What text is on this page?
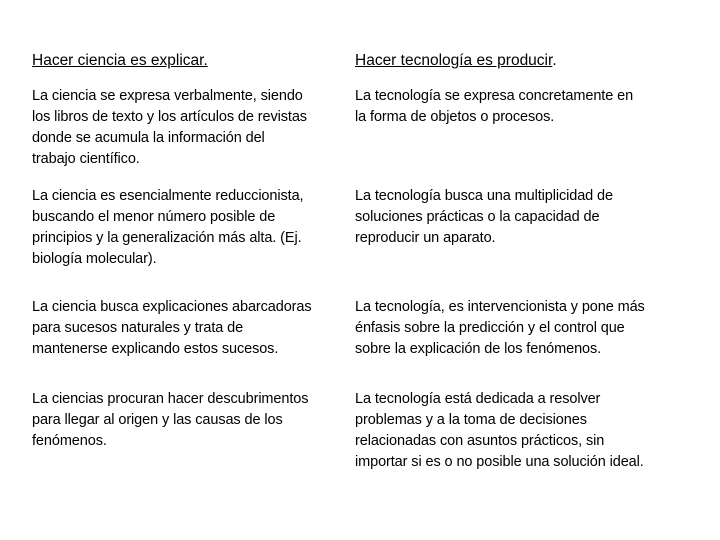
Hacer ciencia es explicar.
La ciencia se expresa verbalmente, siendo
los libros de texto y los artículos de revistas
donde se acumula la información del
trabajo científico.
La ciencia es esencialmente reduccionista,
buscando el menor número posible de
principios y la generalización más alta. (Ej.
biología molecular).
La ciencia busca explicaciones abarcadoras
para sucesos naturales y trata de
mantenerse explicando estos sucesos.
La ciencias procuran hacer descubrimentos
para llegar al origen y las causas de los
fenómenos.
Hacer tecnología es producir.
La tecnología se expresa concretamente en
la forma de objetos o procesos.
La tecnología busca una multiplicidad de
soluciones prácticas o la capacidad de
reproducir un aparato.
La tecnología, es intervencionista y pone más
énfasis sobre la predicción y el control que
sobre la explicación de los fenómenos.
La tecnología está dedicada a resolver
problemas y a la toma de decisiones
relacionadas con asuntos prácticos, sin
importar si es o no posible una solución ideal.
